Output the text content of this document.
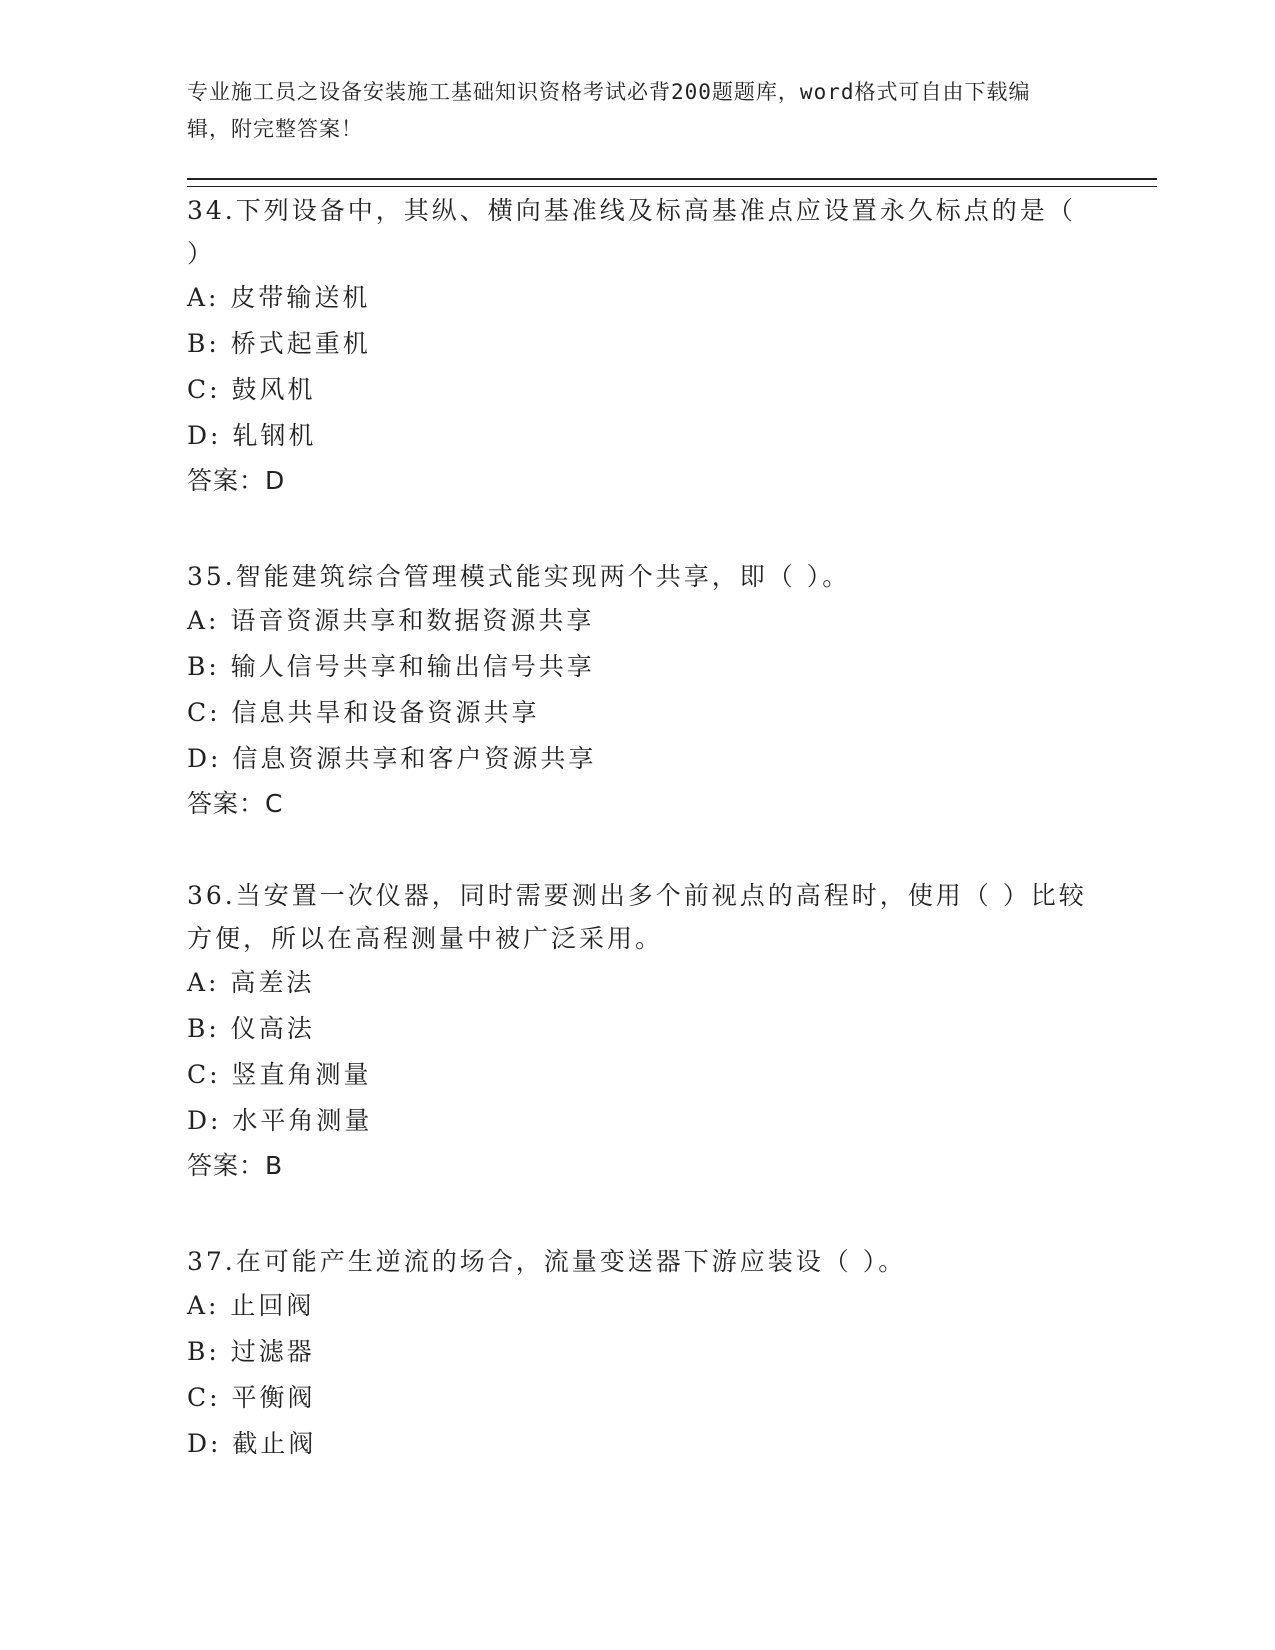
专业施工员之设备安装施工基础知识资格考试必背200题题库，word格式可自由下载编辑，附完整答案！
34.下列设备中，其纵、横向基准线及标高基准点应设置永久标点的是（ ）
A: 皮带输送机
B: 桥式起重机
C: 鼓风机
D: 轧钢机
答案：D
35.智能建筑综合管理模式能实现两个共享，即（ ）。
A: 语音资源共享和数据资源共享
B: 输人信号共享和输出信号共享
C: 信息共旱和设备资源共享
D: 信息资源共享和客户资源共享
答案：C
36.当安置一次仪器，同时需要测出多个前视点的高程时，使用（ ）比较方便，所以在高程测量中被广泛采用。
A: 高差法
B: 仪高法
C: 竖直角测量
D: 水平角测量
答案：B
37.在可能产生逆流的场合，流量变送器下游应装设（ ）。
A: 止回阀
B: 过滤器
C: 平衡阀
D: 截止阀
